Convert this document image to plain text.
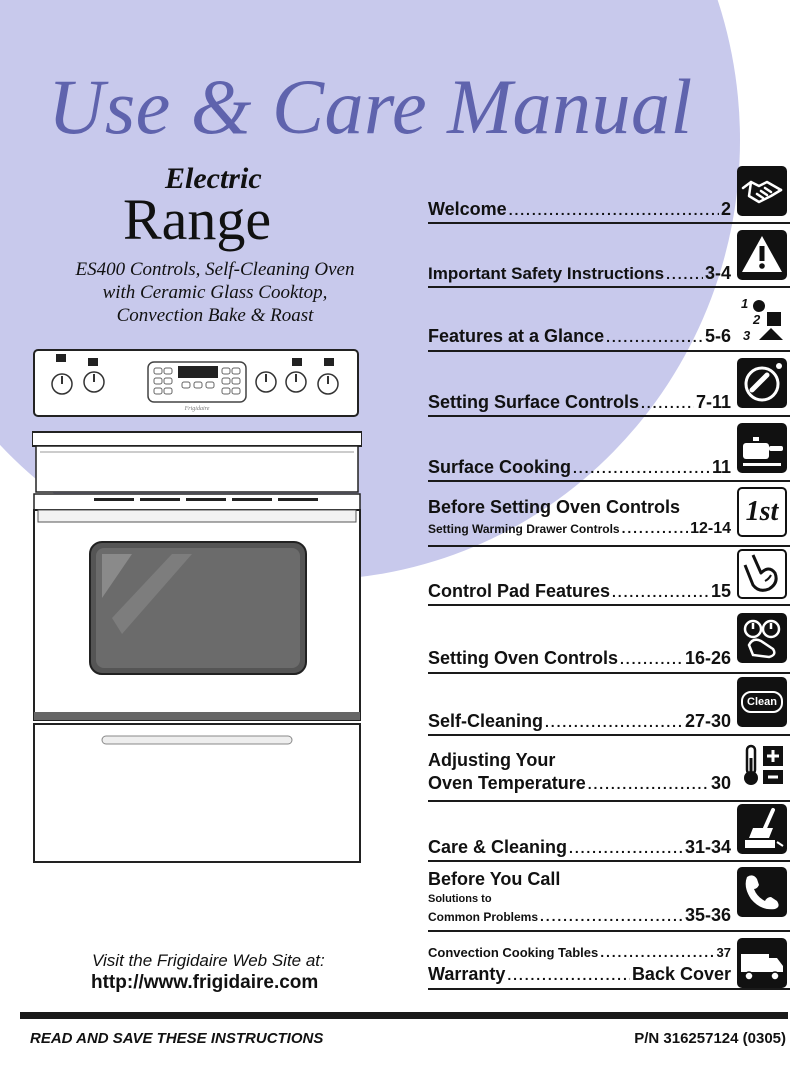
Use & Care Manual
Electric
Range
ES400 Controls, Self-Cleaning Oven
with Ceramic Glass Cooktop,
Convection Bake & Roast
Frigidaire
Visit the Frigidaire Web Site at:
http://www.frigidaire.com
Welcome . . .	2
Important Safety Instructions . . . 3-4
Features at a Glance . . .	5-6
1
2
3
Setting Surface Controls . . .	7-11
Surface Cooking . . .	11
Before Setting Oven Controls
Setting Warming Drawer Controls . . .	12-14
1st
Control Pad Features . . .	15
Setting Oven Controls . . .	16-26
Self-Cleaning . . .	27-30
Clean
Adjusting Your
Oven Temperature . . .	30
Care & Cleaning . . .	31-34
Before You Call
Solutions to
Common Problems . . .	35-36
Convection Cooking Tables . . .	37
Warranty . . .	Back Cover
READ AND SAVE THESE INSTRUCTIONS	P/N 316257124 (0305)
